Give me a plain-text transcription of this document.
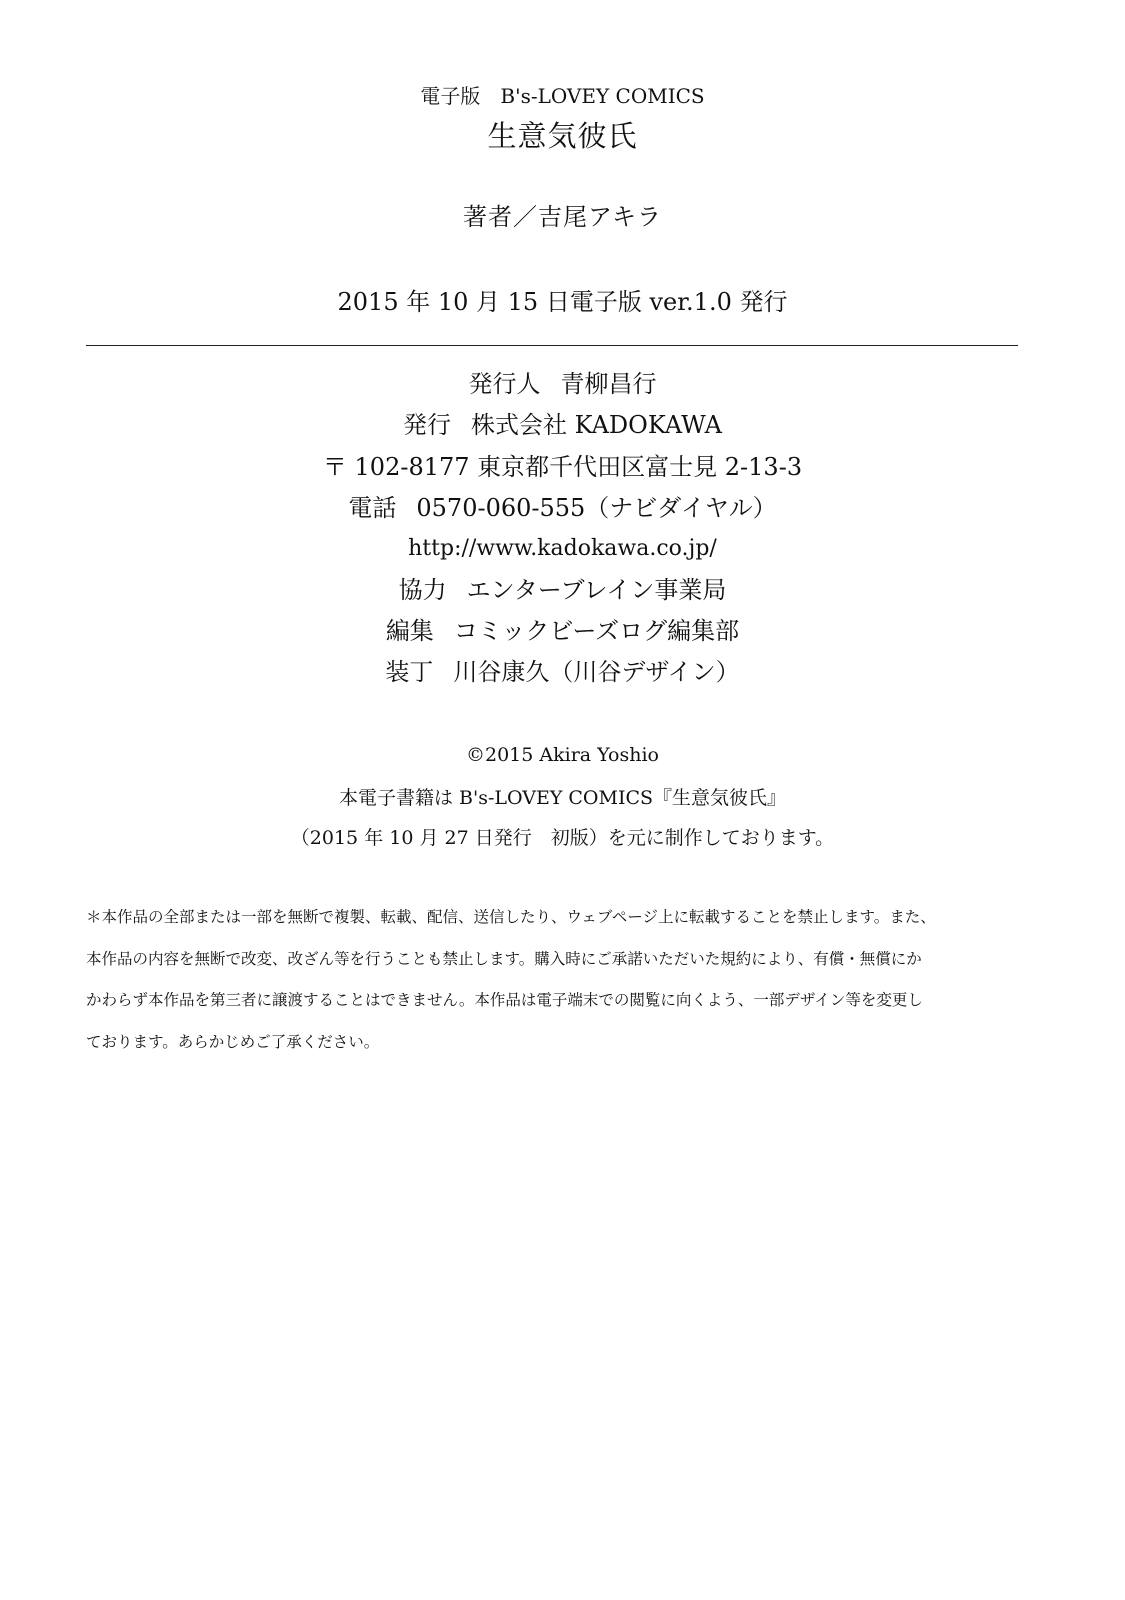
電子版　B's-LOVEY COMICS
生意気彼氏
著者／吉尾アキラ
2015 年 10 月 15 日電子版 ver.1.0 発行
発行人 青柳昌行
発行 株式会社 KADOKAWA
〒 102-8177 東京都千代田区富士見 2-13-3
電話 0570-060-555（ナビダイヤル）
http://www.kadokawa.co.jp/
協力 エンターブレイン事業局
編集 コミックビーズログ編集部
装丁 川谷康久（川谷デザイン）
©2015 Akira Yoshio
本電子書籍は B's-LOVEY COMICS『生意気彼氏』
（2015 年 10 月 27 日発行　初版）を元に制作しております。
＊本作品の全部または一部を無断で複製、転載、配信、送信したり、ウェブページ上に転載することを禁止します。また、
本作品の内容を無断で改変、改ざん等を行うことも禁止します。購入時にご承諾いただいた規約により、有償・無償にか
かわらず本作品を第三者に譲渡することはできません。本作品は電子端末での閲覧に向くよう、一部デザイン等を変更し
ております。あらかじめご了承ください。
